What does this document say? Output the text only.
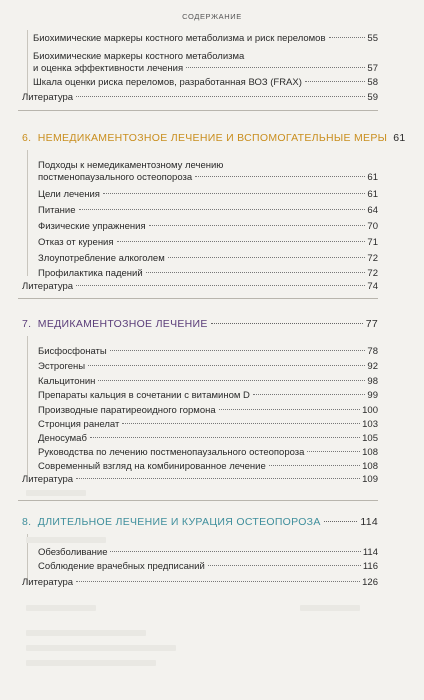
СОДЕРЖАНИЕ
Биохимические маркеры костного метаболизма и риск переломов	55
Биохимические маркеры костного метаболизма
и оценка эффективности лечения	57
Шкала оценки риска переломов, разработанная ВОЗ (FRAX)	58
Литература	59
6.
НЕМЕДИКАМЕНТОЗНОЕ ЛЕЧЕНИЕ И ВСПОМОГАТЕЛЬНЫЕ МЕРЫ 61
Подходы к немедикаментозному лечению
постменопаузального остеопороза	61
Цели лечения	61
Питание	64
Физические упражнения	70
Отказ от курения	71
Злоупотребление алкоголем	72
Профилактика падений	72
Литература	74
7.
МЕДИКАМЕНТОЗНОЕ ЛЕЧЕНИЕ	77
Бисфосфонаты	78
Эстрогены	92
Кальцитонин	98
Препараты кальция в сочетании с витамином D	99
Производные паратиреоидного гормона	100
Стронция ранелат	103
Деносумаб	105
Руководства по лечению постменопаузального остеопороза	108
Современный взгляд на комбинированное лечение	108
Литература	109
8.
ДЛИТЕЛЬНОЕ ЛЕЧЕНИЕ И КУРАЦИЯ ОСТЕОПОРОЗА	114
Обезболивание	114
Соблюдение врачебных предписаний	116
Литература	126
